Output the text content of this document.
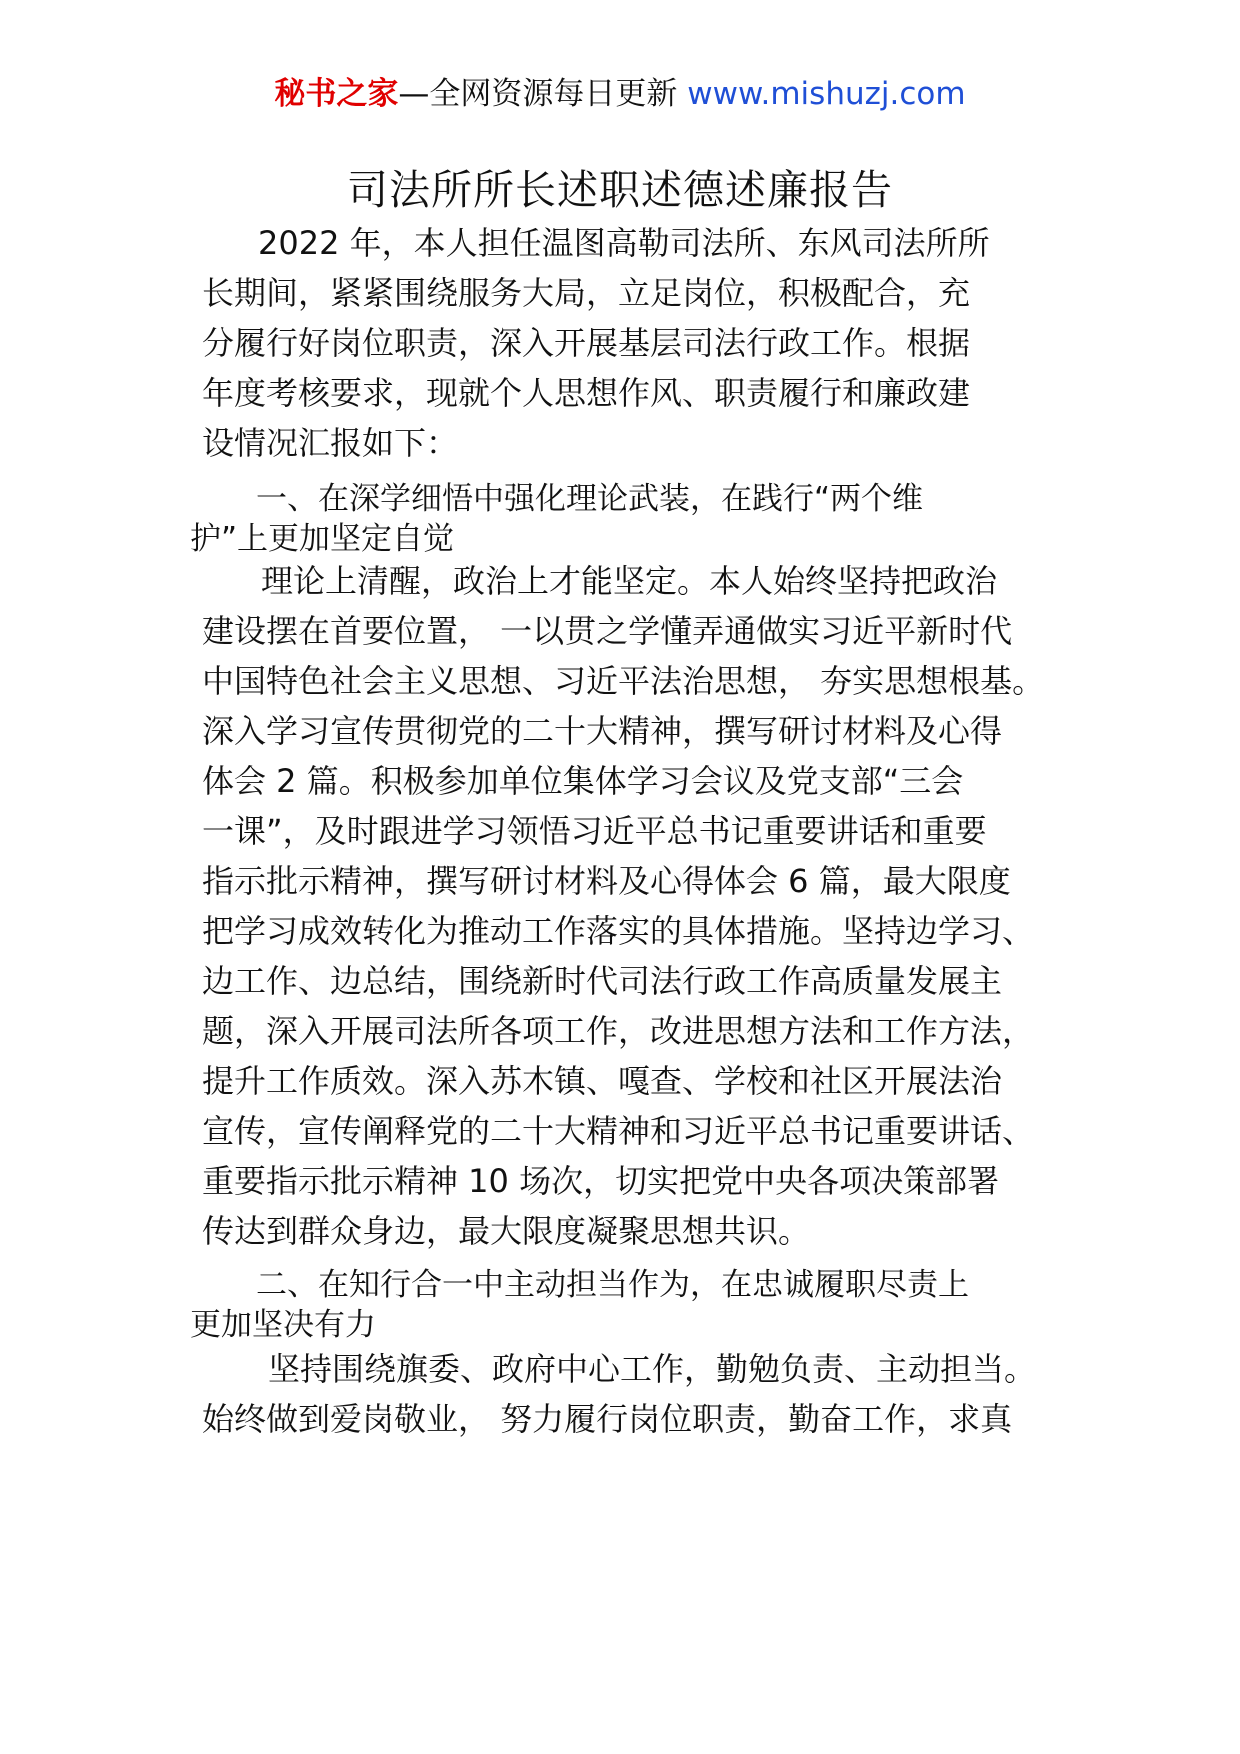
秘书之家—全网资源每日更新 www.mishuzj.com
司法所所长述职述德述廉报告
2022 年，本人担任温图高勒司法所、东风司法所所
长期间，紧紧围绕服务大局，立足岗位，积极配合，充
分履行好岗位职责，深入开展基层司法行政工作。根据
年度考核要求，现就个人思想作风、职责履行和廉政建
设情况汇报如下：
一、在深学细悟中强化理论武装，在践行“两个维
护”上更加坚定自觉
理论上清醒，政治上才能坚定。本人始终坚持把政治
建设摆在首要位置， 一以贯之学懂弄通做实习近平新时代
中国特色社会主义思想、习近平法治思想， 夯实思想根基。
深入学习宣传贯彻党的二十大精神，撰写研讨材料及心得
体会 2 篇。积极参加单位集体学习会议及党支部“三会
一课”，及时跟进学习领悟习近平总书记重要讲话和重要
指示批示精神，撰写研讨材料及心得体会 6 篇，最大限度
把学习成效转化为推动工作落实的具体措施。坚持边学习、
边工作、边总结，围绕新时代司法行政工作高质量发展主
题，深入开展司法所各项工作，改进思想方法和工作方法，
提升工作质效。深入苏木镇、嘎查、学校和社区开展法治
宣传，宣传阐释党的二十大精神和习近平总书记重要讲话、
重要指示批示精神 10 场次，切实把党中央各项决策部署
传达到群众身边，最大限度凝聚思想共识。
二、在知行合一中主动担当作为，在忠诚履职尽责上
更加坚决有力
坚持围绕旗委、政府中心工作，勤勉负责、主动担当。
始终做到爱岗敬业， 努力履行岗位职责，勤奋工作，求真
